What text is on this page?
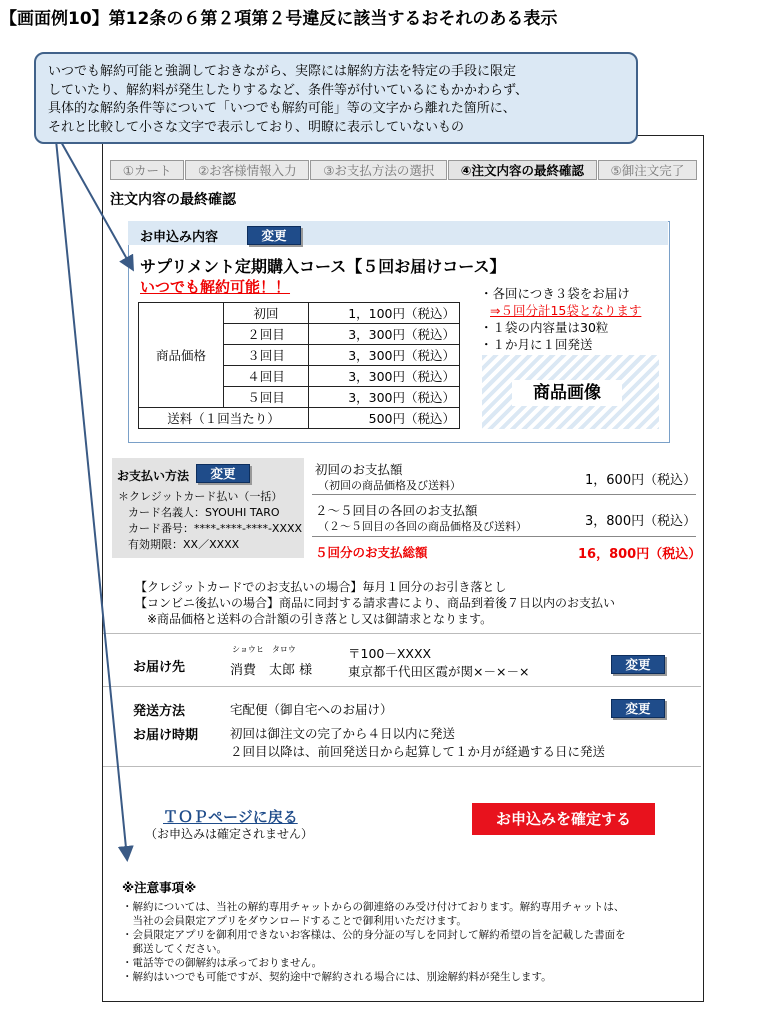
【画面例10】第12条の６第２項第２号違反に該当するおそれのある表示
①カート	②お客様情報入力	③お支払方法の選択	④注文内容の最終確認	⑤御注文完了
注文内容の最終確認
お申込み内容	変更
サプリメント定期購入コース【５回お届けコース】
いつでも解約可能！！
商品価格	初回	1，100円（税込）
	２回目	3，300円（税込）
	３回目	3，300円（税込）
	４回目	3，300円（税込）
	５回目	3，300円（税込）
送料（１回当たり）		500円（税込）
・各回につき３袋をお届け
⇒５回分計15袋となります
・１袋の内容量は30粒
・１か月に１回発送
商品画像
お支払い方法	変更
＊クレジットカード払い（一括）
カード名義人：SYOUHI TARO
カード番号：****-****-****-XXXX
有効期限：XX／XXXX
初回のお支払額
（初回の商品価格及び送料）	1，600円（税込）
２～５回目の各回のお支払額
（２～５回目の各回の商品価格及び送料）	3，800円（税込）
５回分のお支払総額	16，800円（税込）
【クレジットカードでのお支払いの場合】毎月１回分のお引き落とし
【コンビニ後払いの場合】商品に同封する請求書により、商品到着後７日以内のお支払い
※商品価格と送料の合計額の引き落とし又は御請求となります。
お届け先
ショウヒ　タロウ
消費　太郎 様
〒100－XXXX
東京都千代田区霞が関×－×－×	変更
発送方法	宅配便（御自宅へのお届け）	変更
お届け時期	初回は御注文の完了から４日以内に発送
２回目以降は、前回発送日から起算して１か月が経過する日に発送
ＴＯＰページに戻る
（お申込みは確定されません）
お申込みを確定する
※注意事項※
・解約については、当社の解約専用チャットからの御連絡のみ受け付けております。解約専用チャットは、
　当社の会員限定アプリをダウンロードすることで御利用いただけます。
・会員限定アプリを御利用できないお客様は、公的身分証の写しを同封して解約希望の旨を記載した書面を
　郵送してください。
・電話等での御解約は承っておりません。
・解約はいつでも可能ですが、契約途中で解約される場合には、別途解約料が発生します。
いつでも解約可能と強調しておきながら、実際には解約方法を特定の手段に限定
していたり、解約料が発生したりするなど、条件等が付いているにもかかわらず、
具体的な解約条件等について「いつでも解約可能」等の文字から離れた箇所に、
それと比較して小さな文字で表示しており、明瞭に表示していないもの
